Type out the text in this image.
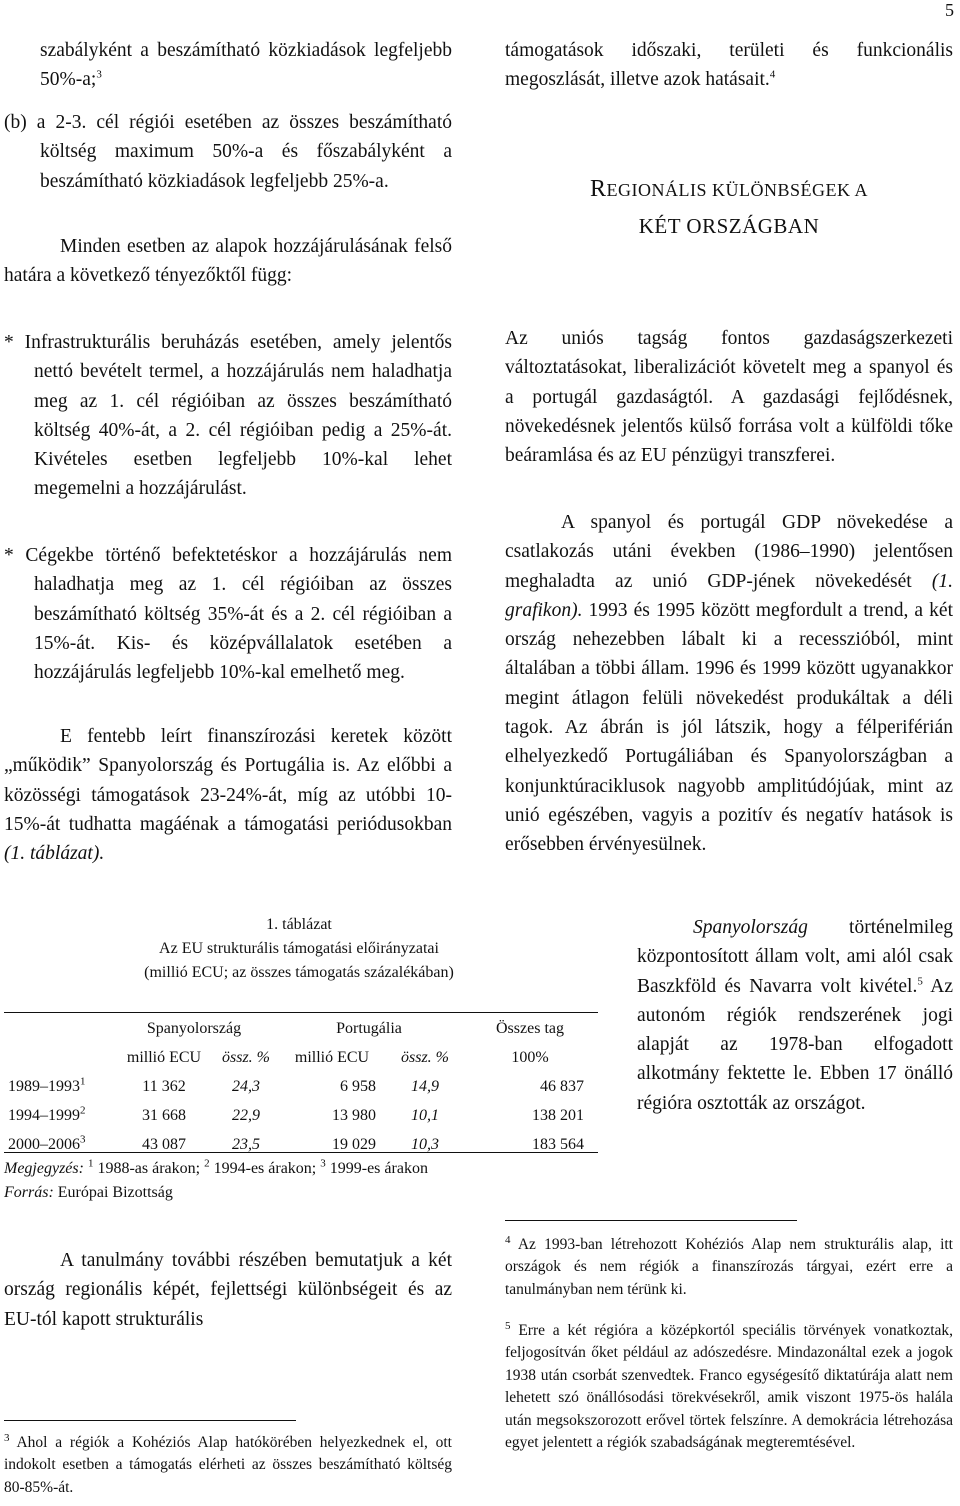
5
szabályként a beszámítható közkiadások legfeljebb 50%-a;$^3$
(b) a 2-3. cél régiói esetében az összes beszámítható költség maximum 50%-a és főszabályként a beszámítható közkiadások legfeljebb 25%-a.
Minden esetben az alapok hozzájárulásának felső határa a következő tényezőktől függ:
* Infrastrukturális beruházás esetében, amely jelentős nettó bevételt termel, a hozzájárulás nem haladhatja meg az 1. cél régióiban az összes beszámítható költség 40%-át, a 2. cél régióiban pedig a 25%-át. Kivételes esetben legfeljebb 10%-kal lehet megemelni a hozzájárulást.
* Cégekbe történő befektetéskor a hozzájárulás nem haladhatja meg az 1. cél régióiban az összes beszámítható költség 35%-át és a 2. cél régióiban a 15%-át. Kis- és középvállalatok esetében a hozzájárulás legfeljebb 10%-kal emelhető meg.
E fentebb leírt finanszírozási keretek között „működik” Spanyolország és Portugália is. Az előbbi a közösségi támogatások 23-24%-át, míg az utóbbi 10-15%-át tudhatta magáénak a támogatási periódusokban (1. táblázat).
támogatások időszaki, területi és funkcionális megoszlását, illetve azok hatásait.$^4$
REGIONÁLIS KÜLÖNBSÉGEK A
KÉT ORSZÁGBAN
Az uniós tagság fontos gazdaságszerkezeti változtatásokat, liberalizációt követelt meg a spanyol és a portugál gazdaságtól. A gazdasági fejlődésnek, növekedésnek jelentős külső forrása volt a külföldi tőke beáramlása és az EU pénzügyi transzferei.
A spanyol és portugál GDP növekedése a csatlakozás utáni években (1986–1990) jelentősen meghaladta az unió GDP-jének növekedését (1. grafikon). 1993 és 1995 között megfordult a trend, a két ország nehezebben lábalt ki a recesszióból, mint általában a többi állam. 1996 és 1999 között ugyanakkor megint átlagon felüli növekedést produkáltak a déli tagok. Az ábrán is jól látszik, hogy a félperiférián elhelyezkedő Portugáliában és Spanyolországban a konjunktúraciklusok nagyobb amplitúdójúak, mint az unió egészében, vagyis a pozitív és negatív hatások is erősebben érvényesülnek.
Spanyolország történelmileg központosított állam volt, ami alól csak Baszkföld és Navarra volt kivétel.$^5$ Az autonóm régiók rendszerének jogi alapját az 1978-ban elfogadott alkotmány fektette le. Ebben 17 önálló régióra osztották az országot.
1. táblázat
Az EU strukturális támogatási előirányzatai
(millió ECU; az összes támogatás százalékában)
	Spanyolország		Portugália		Összes tag
	millió ECU	össz. %	millió ECU	össz. %	100%
1989–1993$^1$	11 362	24,3	6 958	14,9	46 837
1994–1999$^2$	31 668	22,9	13 980	10,1	138 201
2000–2006$^3$	43 087	23,5	19 029	10,3	183 564
Megjegyzés: $^1$ 1988-as árakon; $^2$ 1994-es árakon; $^3$ 1999-es árakon
Forrás: Európai Bizottság
A tanulmány további részében bemutatjuk a két ország regionális képét, fejlettségi különbségeit és az EU-tól kapott strukturális
$^3$ Ahol a régiók a Kohéziós Alap hatókörében helyezkednek el, ott indokolt esetben a támogatás elérheti az összes beszámítható költség 80-85%-át.
$^4$ Az 1993-ban létrehozott Kohéziós Alap nem strukturális alap, itt országok és nem régiók a finanszírozás tárgyai, ezért erre a tanulmányban nem térünk ki.
$^5$ Erre a két régióra a középkortól speciális törvények vonatkoztak, feljogosítván őket például az adószedésre. Mindazonáltal ezek a jogok 1938 után csorbát szenvedtek. Franco egységesítő diktatúrája alatt nem lehetett szó önállósodási törekvésekről, amik viszont 1975-ös halála után megsokszorozott erővel törtek felszínre. A demokrácia létrehozása egyet jelentett a régiók szabadságának megteremtésével.
